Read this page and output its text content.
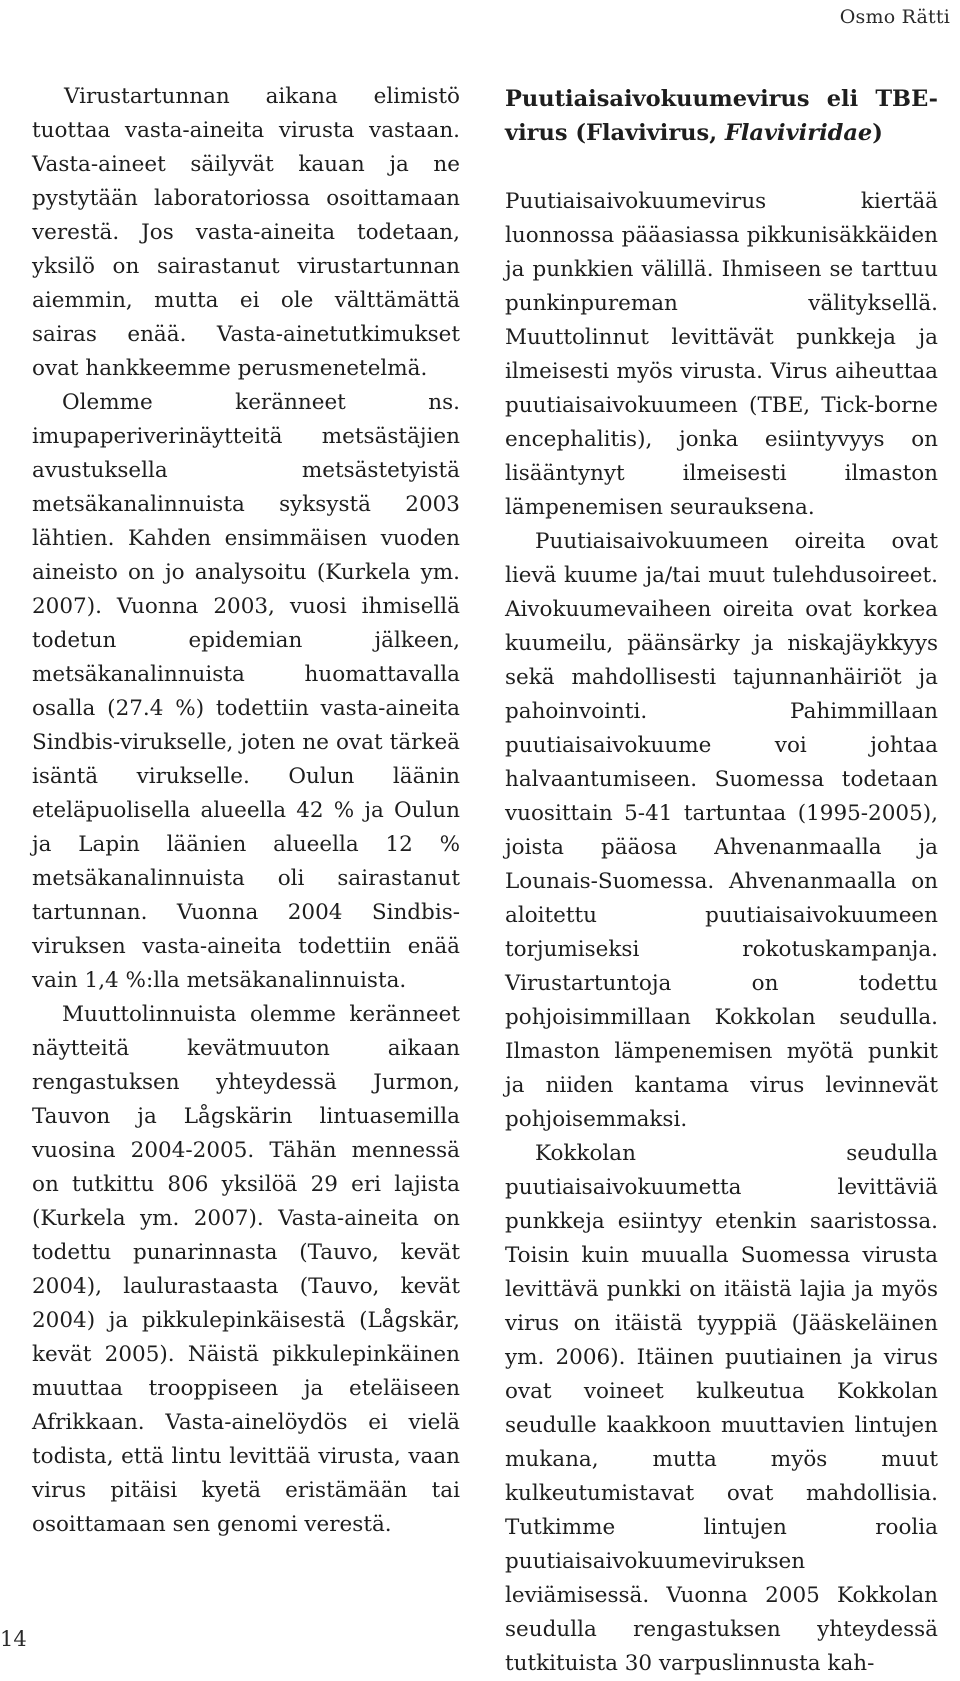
Osmo Rätti

Virustartunnan aikana elimistö tuottaa vasta-aineita virusta vastaan. Vasta-aineet säilyvät kauan ja ne pystytään laboratoriossa osoittamaan verestä. Jos vasta-aineita todetaan, yksilö on sairastanut virustartunnan aiemmin, mutta ei ole välttämättä sairas enää. Vasta-ainetutkimukset ovat hankkeemme perusmenetelmä.

Olemme keränneet ns. imupaperiverinäytteitä metsästäjien avustuksella metsästetyistä metsäkanalinnuista syksystä 2003 lähtien. Kahden ensimmäisen vuoden aineisto on jo analysoitu (Kurkela ym. 2007). Vuonna 2003, vuosi ihmisellä todetun epidemian jälkeen, metsäkanalinnuista huomattavalla osalla (27.4 %) todettiin vasta-aineita Sindbis-virukselle, joten ne ovat tärkeä isäntä virukselle. Oulun läänin eteläpuolisella alueella 42 % ja Oulun ja Lapin läänien alueella 12 % metsäkanalinnuista oli sairastanut tartunnan. Vuonna 2004 Sindbis-viruksen vasta-aineita todettiin enää vain 1,4 %:lla metsäkanalinnuista.

Muuttolinnuista olemme keränneet näytteitä kevätmuuton aikaan rengastuksen yhteydessä Jurmon, Tauvon ja Lågskärin lintuasemilla vuosina 2004-2005. Tähän mennessä on tutkittu 806 yksilöä 29 eri lajista (Kurkela ym. 2007). Vasta-aineita on todettu punarinnasta (Tauvo, kevät 2004), laulurastaasta (Tauvo, kevät 2004) ja pikkulepinkäisestä (Lågskär, kevät 2005). Näistä pikkulepinkäinen muuttaa trooppiseen ja eteläiseen Afrikkaan. Vasta-ainelöydös ei vielä todista, että lintu levittää virusta, vaan virus pitäisi kyetä eristämään tai osoittamaan sen genomi verestä.

Puutiaisaivokuumevirus eli TBE-virus (Flavivirus, Flaviviridae)

Puutiaisaivokuumevirus kiertää luonnossa pääasiassa pikkunisäkkäiden ja punkkien välillä. Ihmiseen se tarttuu punkinpureman välityksellä. Muuttolinnut levittävät punkkeja ja ilmeisesti myös virusta. Virus aiheuttaa puutiaisaivokuumeen (TBE, Tick-borne encephalitis), jonka esiintyvyys on lisääntynyt ilmeisesti ilmaston lämpenemisen seurauksena.

Puutiaisaivokuumeen oireita ovat lievä kuume ja/tai muut tulehdusoireet. Aivokuumevaiheen oireita ovat korkea kuumeilu, päänsärky ja niskajäykkyys sekä mahdollisesti tajunnanhäiriöt ja pahoinvointi. Pahimmillaan puutiaisaivokuume voi johtaa halvaantumiseen. Suomessa todetaan vuosittain 5-41 tartuntaa (1995-2005), joista pääosa Ahvenanmaalla ja Lounais-Suomessa. Ahvenanmaalla on aloitettu puutiaisaivokuumeen torjumiseksi rokotuskampanja. Virustartuntoja on todettu pohjoisimmillaan Kokkolan seudulla. Ilmaston lämpenemisen myötä punkit ja niiden kantama virus levinnevät pohjoisemmaksi.

Kokkolan seudulla puutiaisaivokuumetta levittäviä punkkeja esiintyy etenkin saaristossa. Toisin kuin muualla Suomessa virusta levittävä punkki on itäistä lajia ja myös virus on itäistä tyyppiä (Jääskeläinen ym. 2006). Itäinen puutiainen ja virus ovat voineet kulkeutua Kokkolan seudulle kaakkoon muuttavien lintujen mukana, mutta myös muut kulkeutumistavat ovat mahdollisia. Tutkimme lintujen roolia puutiaisaivokuumeviruksen leviämisessä. Vuonna 2005 Kokkolan seudulla rengastuksen yhteydessä tutkituista 30 varpuslinnusta kah-

14
